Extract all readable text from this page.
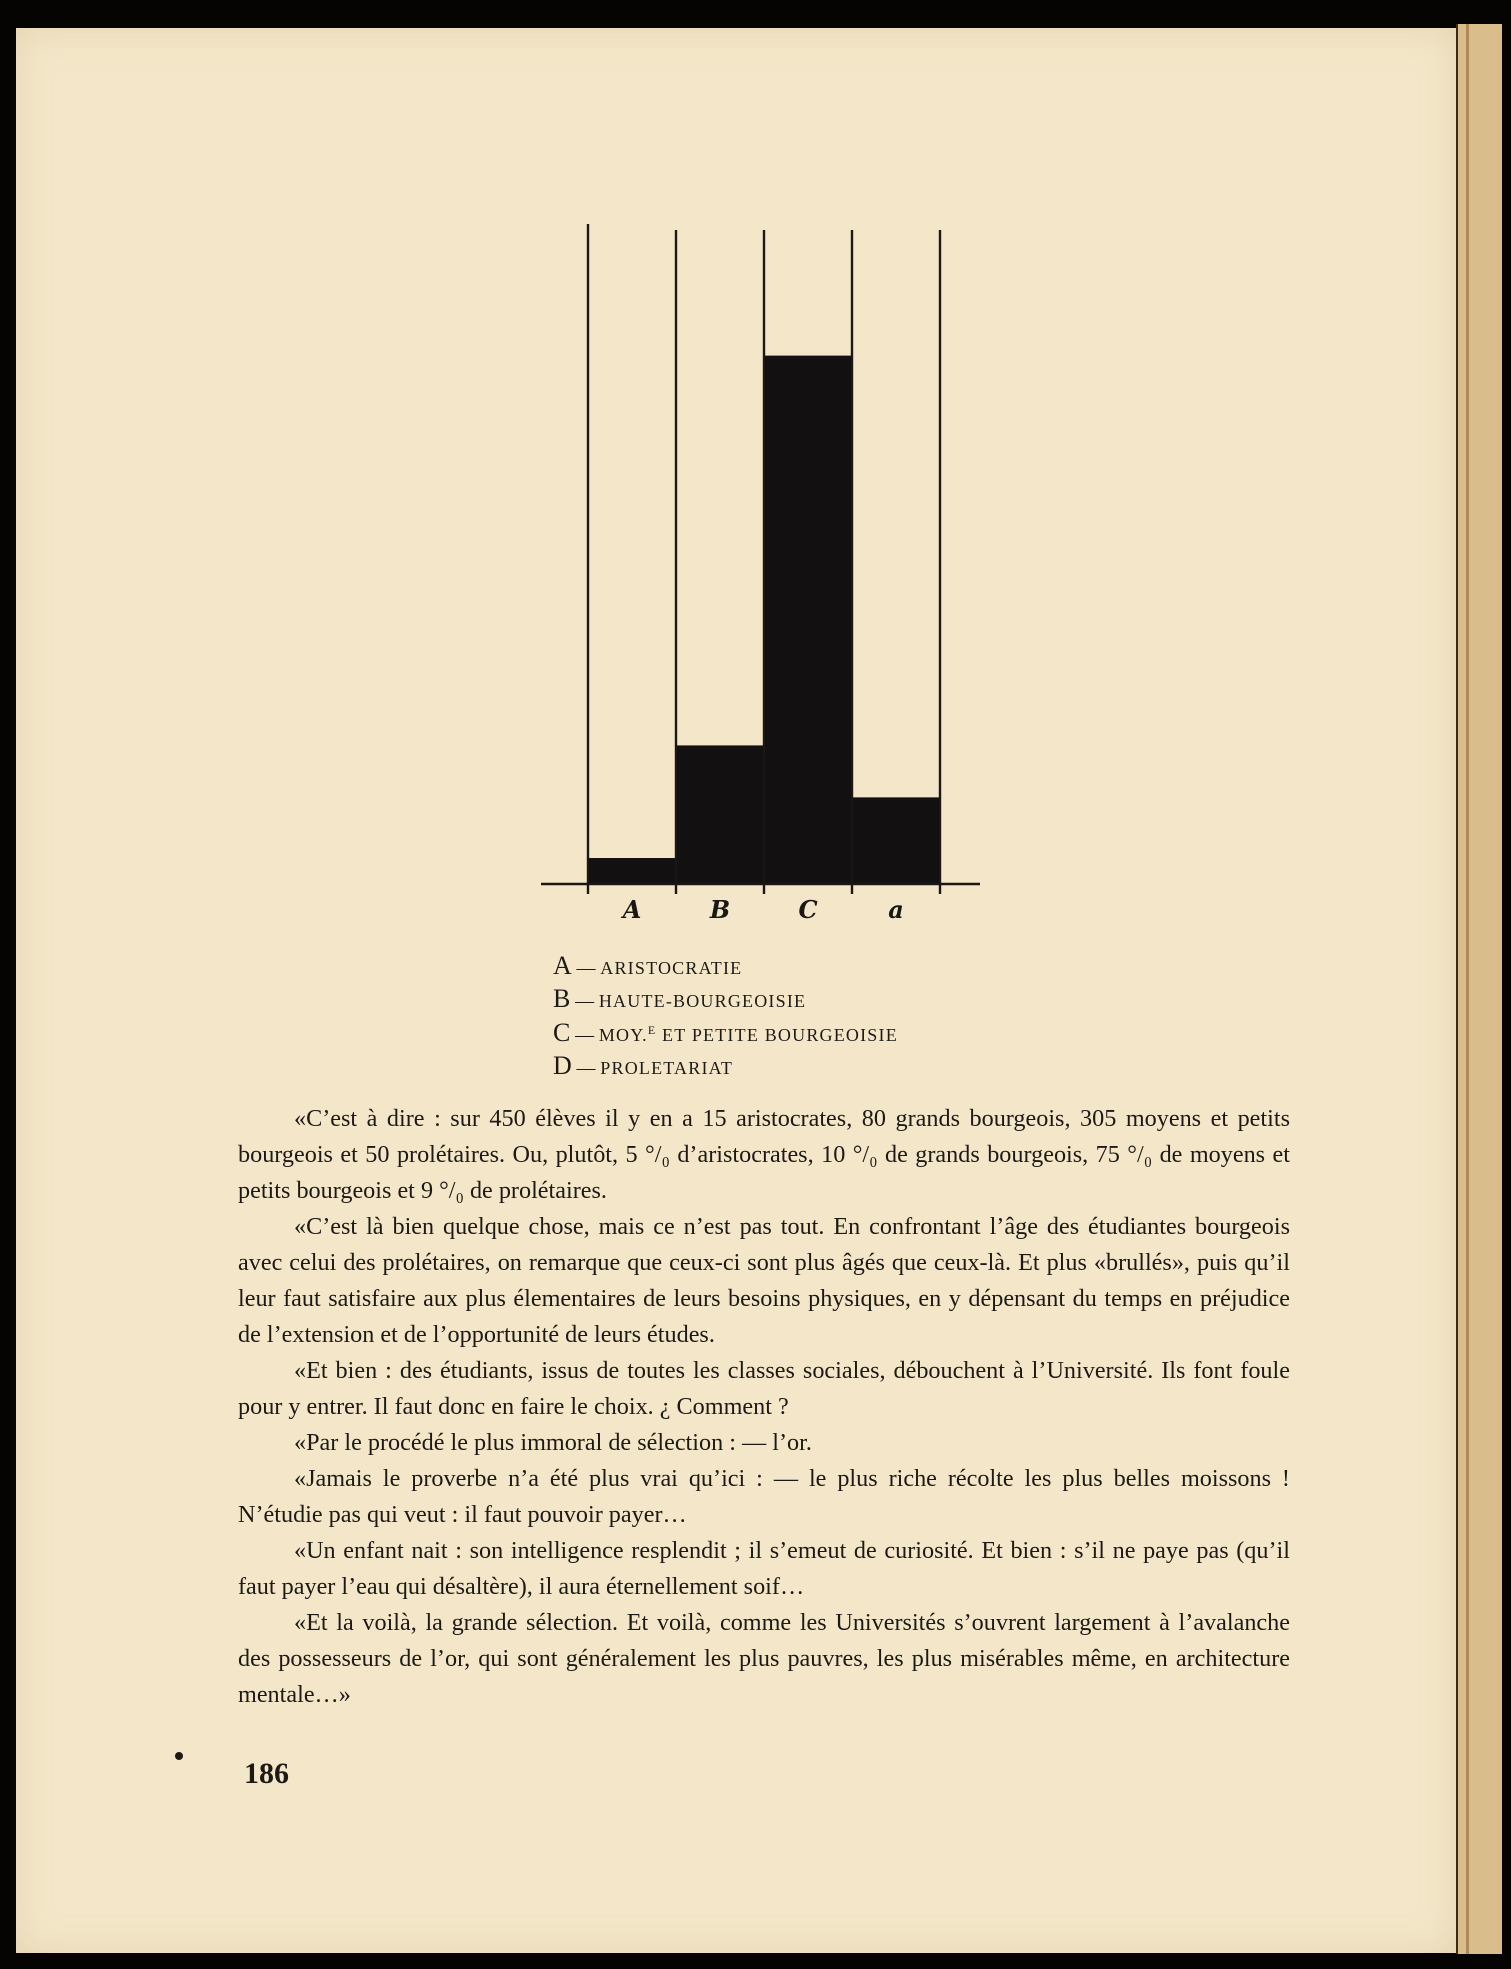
A	B	C	a
A — ARISTOCRATIE
B — HAUTE-BOURGEOISIE
C — MOY.$^E$ ET PETITE BOURGEOISIE
D — PROLETARIAT

«C’est à dire : sur 450 élèves il y en a 15 aristocrates, 80 grands bourgeois, 305 moyens et petits bourgeois et 50 prolétaires. Ou, plutôt, 5 °/₀ d’aristocrates, 10 °/₀ de grands bourgeois, 75 °/₀ de moyens et petits bourgeois et 9 °/₀ de prolétaires.

«C’est là bien quelque chose, mais ce n’est pas tout. En confrontant l’âge des étudiantes bourgeois avec celui des prolétaires, on remarque que ceux-ci sont plus âgés que ceux-là. Et plus «brullés», puis qu’il leur faut satisfaire aux plus élementaires de leurs besoins physiques, en y dépensant du temps en préjudice de l’extension et de l’opportunité de leurs études.

«Et bien : des étudiants, issus de toutes les classes sociales, débouchent à l’Université. Ils font foule pour y entrer. Il faut donc en faire le choix. ¿ Comment ?

«Par le procédé le plus immoral de sélection : — l’or.

«Jamais le proverbe n’a été plus vrai qu’ici : — le plus riche récolte les plus belles moissons ! N’étudie pas qui veut : il faut pouvoir payer…

«Un enfant nait : son intelligence resplendit ; il s’emeut de curiosité. Et bien : s’il ne paye pas (qu’il faut payer l’eau qui désaltère), il aura éternellement soif…

«Et la voilà, la grande sélection. Et voilà, comme les Universités s’ouvrent largement à l’avalanche des possesseurs de l’or, qui sont généralement les plus pauvres, les plus misérables même, en architecture mentale…»

186
